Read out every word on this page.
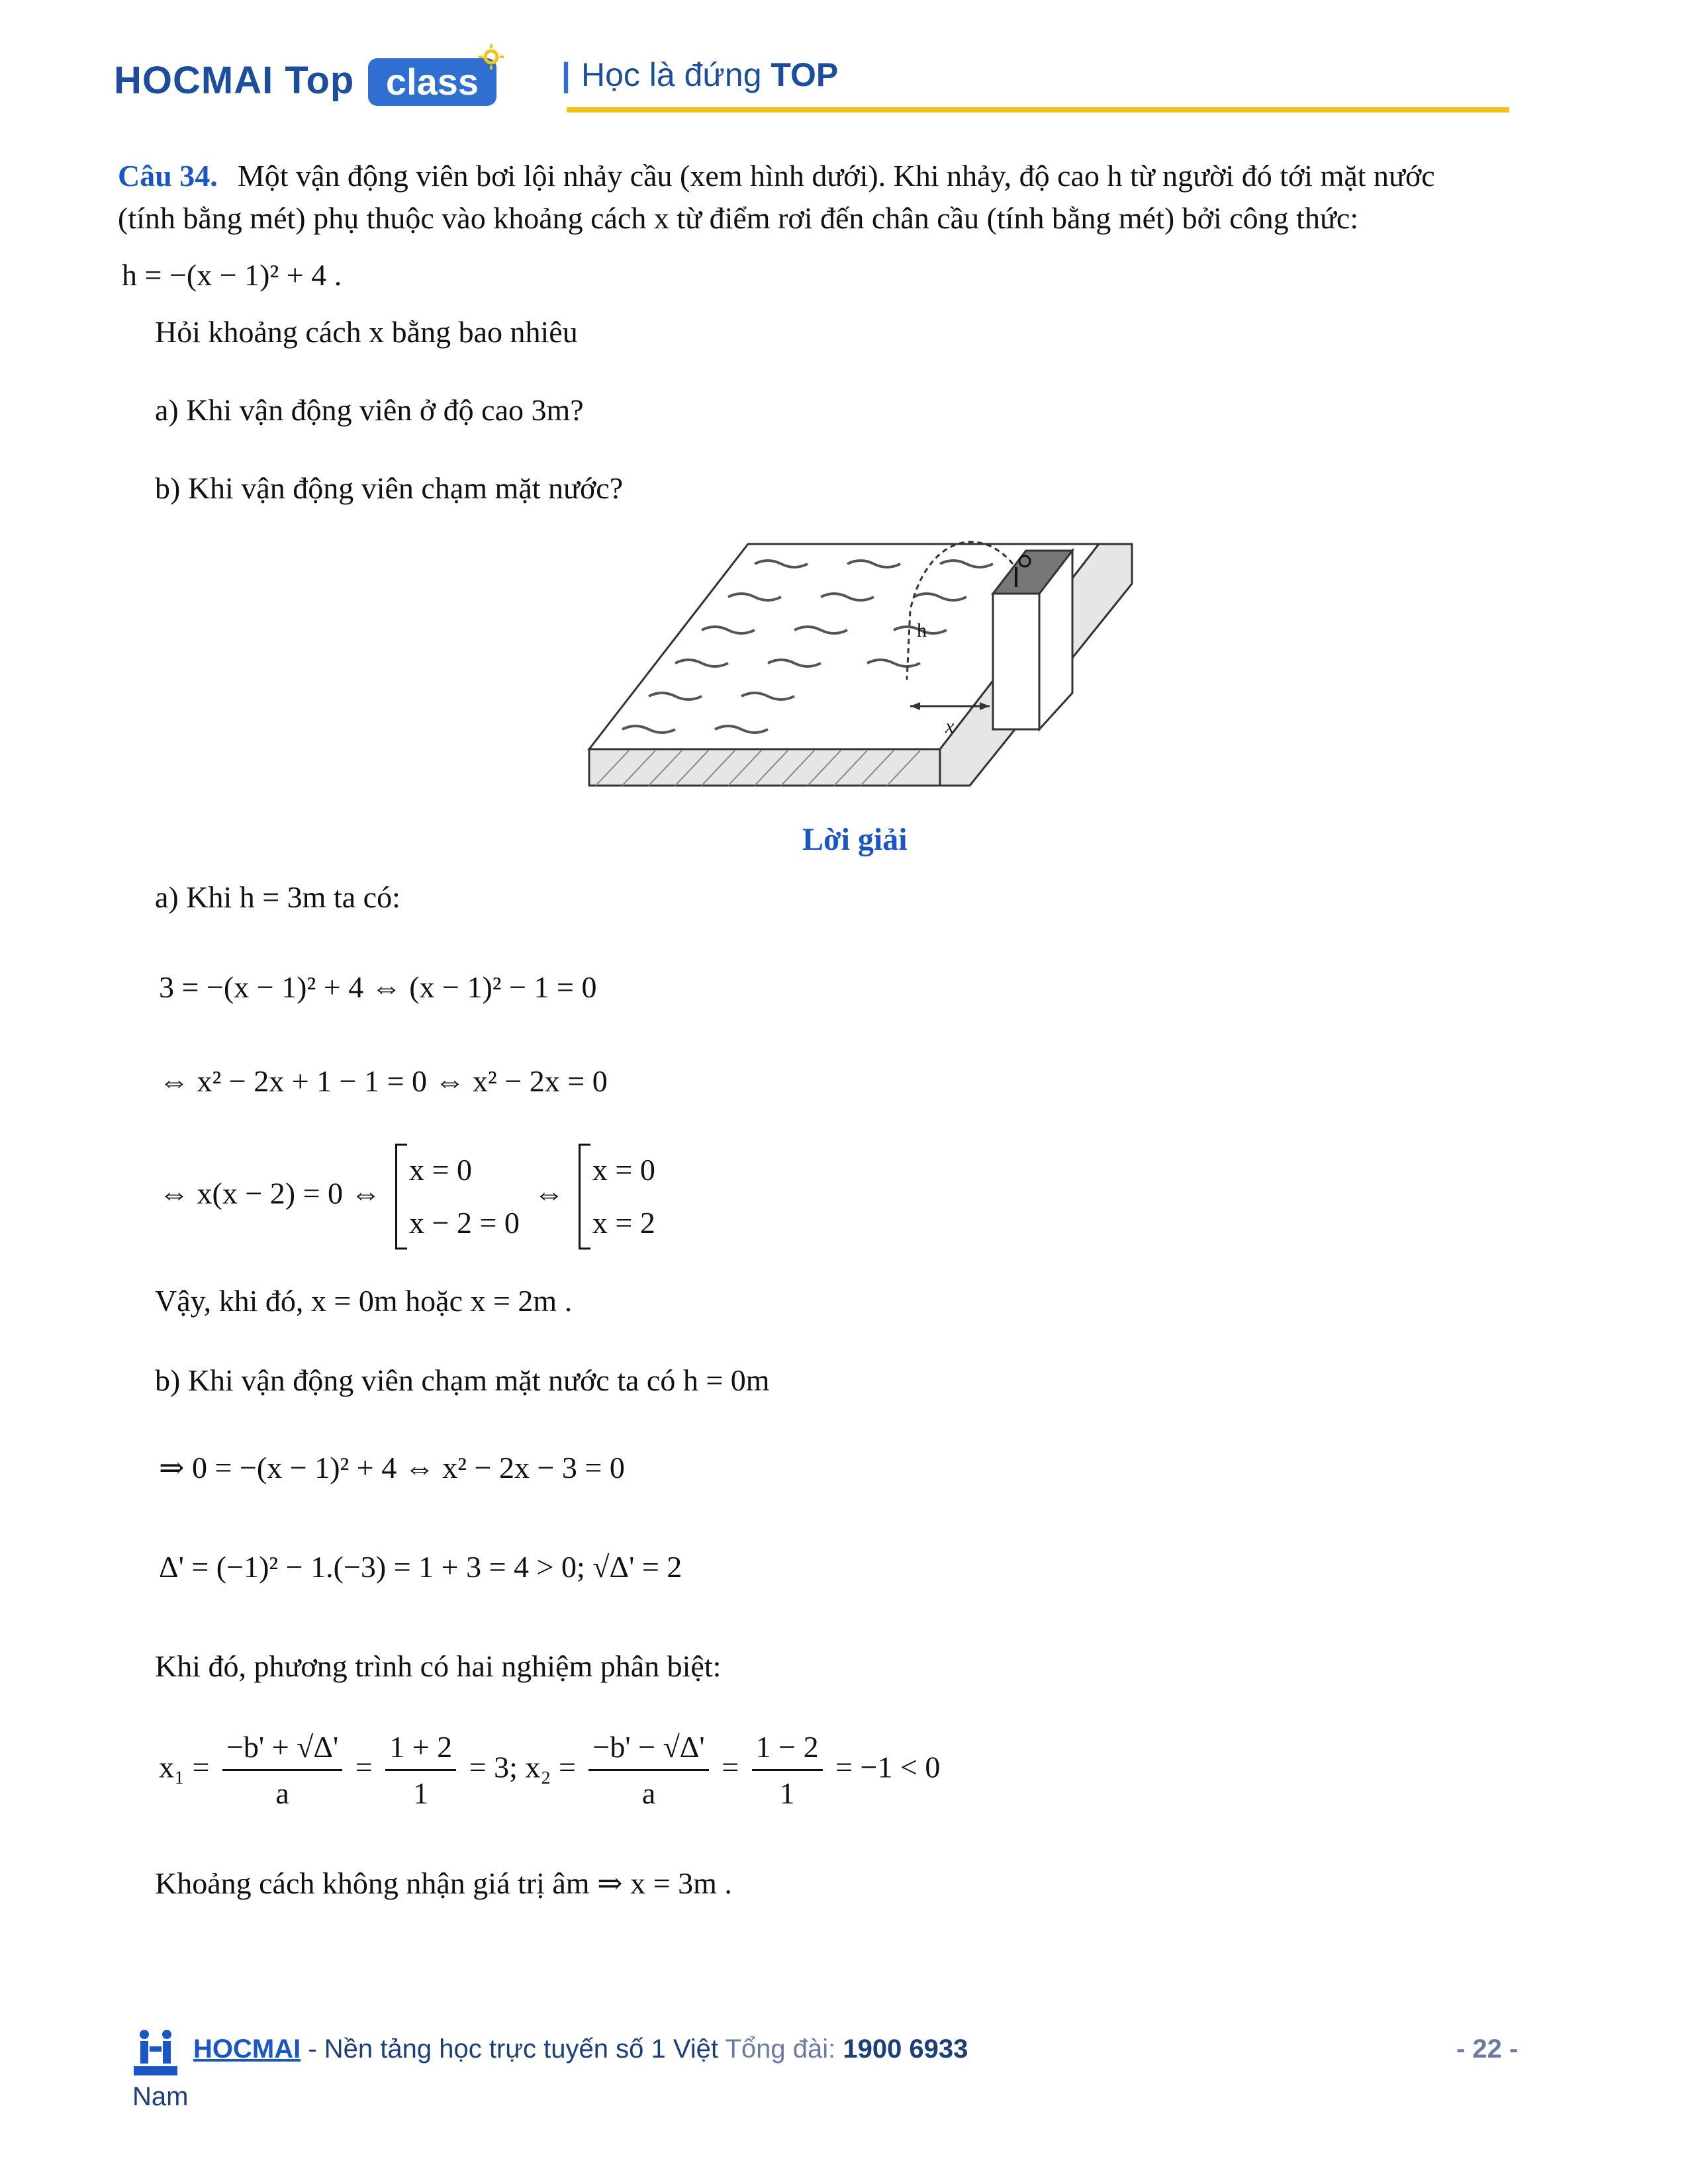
HOCMAI Top class	| Học là đứng TOP
Câu 34. Một vận động viên bơi lội nhảy cầu (xem hình dưới). Khi nhảy, độ cao h từ người đó tới mặt nước
(tính bằng mét) phụ thuộc vào khoảng cách x từ điểm rơi đến chân cầu (tính bằng mét) bởi công thức:
h = −(x − 1)² + 4 .
Hỏi khoảng cách x bằng bao nhiêu
a) Khi vận động viên ở độ cao 3m?
b) Khi vận động viên chạm mặt nước?
x
h
Lời giải
a) Khi h = 3m ta có:
3 = −(x − 1)² + 4 ⇔ (x − 1)² − 1 = 0
⇔ x² − 2x + 1 − 1 = 0 ⇔ x² − 2x = 0
⇔ x(x − 2) = 0 ⇔
x = 0
x − 2 = 0
⇔
x = 0
x = 2
Vậy, khi đó, x = 0m hoặc x = 2m .
b) Khi vận động viên chạm mặt nước ta có h = 0m
⇒ 0 = −(x − 1)² + 4 ⇔ x² − 2x − 3 = 0
Δ' = (−1)² − 1.(−3) = 1 + 3 = 4 > 0; √Δ' = 2
Khi đó, phương trình có hai nghiệm phân biệt:
$x_1 = \frac{-b' + √\Delta'}{a} = \frac{1 + 2}{1} = 3$; $x_2 = \frac{-b' - √\Delta'}{a} = \frac{1 - 2}{1} = -1 < 0$
Khoảng cách không nhận giá trị âm ⇒ x = 3m .
HOCMAI - Nền tảng học trực tuyến số 1 Việt Tổng đài: 1900 6933	- 22 -
Nam
